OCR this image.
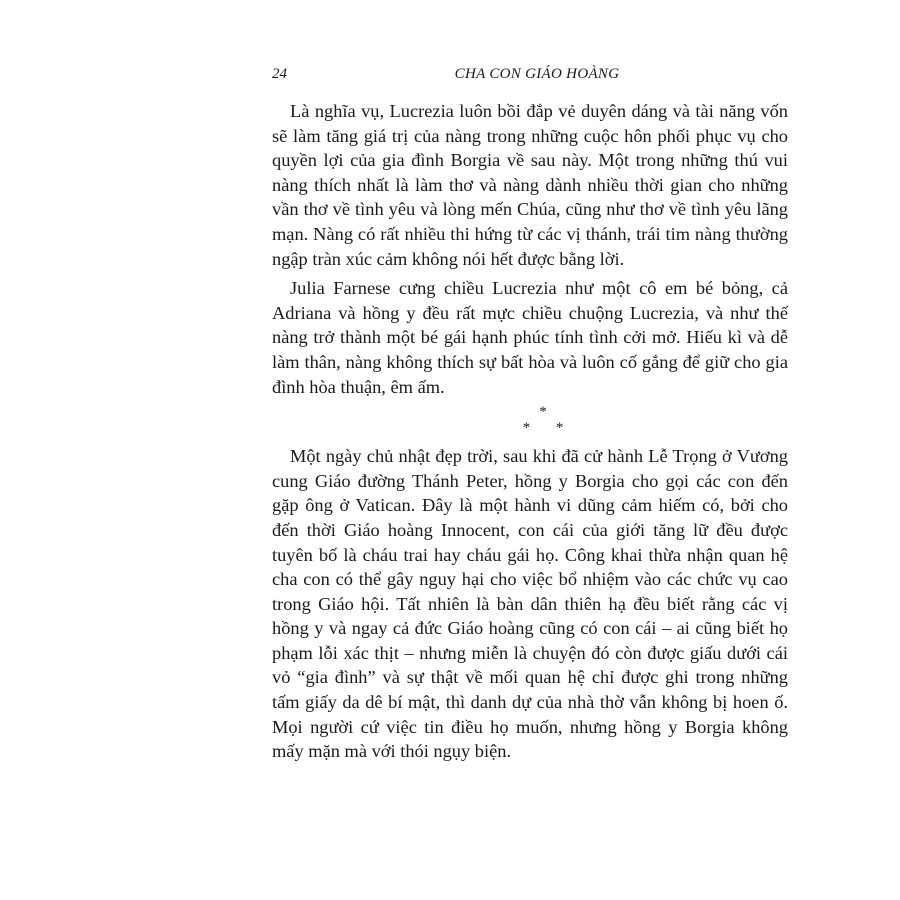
24	CHA CON GIÁO HOÀNG

Là nghĩa vụ, Lucrezia luôn bồi đắp vẻ duyên dáng và tài năng vốn sẽ làm tăng giá trị của nàng trong những cuộc hôn phối phục vụ cho quyền lợi của gia đình Borgia về sau này. Một trong những thú vui nàng thích nhất là làm thơ và nàng dành nhiều thời gian cho những vần thơ về tình yêu và lòng mến Chúa, cũng như thơ về tình yêu lãng mạn. Nàng có rất nhiều thi hứng từ các vị thánh, trái tim nàng thường ngập tràn xúc cảm không nói hết được bằng lời.

Julia Farnese cưng chiều Lucrezia như một cô em bé bỏng, cả Adriana và hồng y đều rất mực chiều chuộng Lucrezia, và như thế nàng trở thành một bé gái hạnh phúc tính tình cởi mở. Hiếu kì và dễ làm thân, nàng không thích sự bất hòa và luôn cố gắng để giữ cho gia đình hòa thuận, êm ấm.

*
* *

Một ngày chủ nhật đẹp trời, sau khi đã cử hành Lễ Trọng ở Vương cung Giáo đường Thánh Peter, hồng y Borgia cho gọi các con đến gặp ông ở Vatican. Đây là một hành vi dũng cảm hiếm có, bởi cho đến thời Giáo hoàng Innocent, con cái của giới tăng lữ đều được tuyên bố là cháu trai hay cháu gái họ. Công khai thừa nhận quan hệ cha con có thể gây nguy hại cho việc bổ nhiệm vào các chức vụ cao trong Giáo hội. Tất nhiên là bàn dân thiên hạ đều biết rằng các vị hồng y và ngay cả đức Giáo hoàng cũng có con cái – ai cũng biết họ phạm lỗi xác thịt – nhưng miễn là chuyện đó còn được giấu dưới cái vỏ “gia đình” và sự thật về mối quan hệ chỉ được ghi trong những tấm giấy da dê bí mật, thì danh dự của nhà thờ vẫn không bị hoen ố. Mọi người cứ việc tin điều họ muốn, nhưng hồng y Borgia không mấy mặn mà với thói ngụy biện.
